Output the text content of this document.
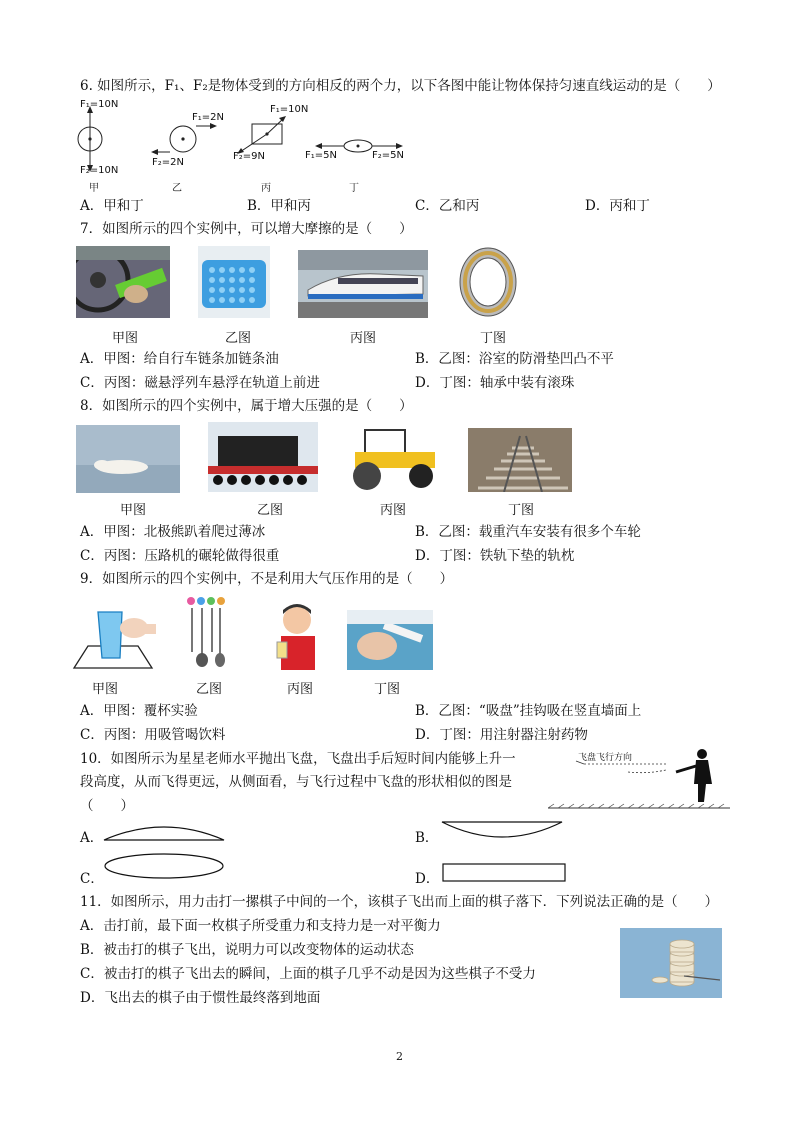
6. 如图所示，F₁、F₂是物体受到的方向相反的两个力，以下各图中能让物体保持匀速直线运动的是（　　）
F₁=10N
F₂=10N
甲
F₁=2N
F₂=2N
乙
F₁=10N
F₂=9N
丙
F₁=5N	F₂=5N
丁
A．甲和丁	B．甲和丙	C．乙和丙	D．丙和丁
7．如图所示的四个实例中，可以增大摩擦的是（　　）
甲图	乙图	丙图	丁图
A．甲图：给自行车链条加链条油	B．乙图：浴室的防滑垫凹凸不平
C．丙图：磁悬浮列车悬浮在轨道上前进	D．丁图：轴承中装有滚珠
8．如图所示的四个实例中，属于增大压强的是（　　）
甲图	乙图	丙图	丁图
A．甲图：北极熊趴着爬过薄冰	B．乙图：载重汽车安装有很多个车轮
C．丙图：压路机的碾轮做得很重	D．丁图：铁轨下垫的轨枕
9．如图所示的四个实例中，不是利用大气压作用的是（　　）
甲图	乙图	丙图	丁图
A．甲图：覆杯实验	B．乙图：“吸盘”挂钩吸在竖直墙面上
C．丙图：用吸管喝饮料	D．丁图：用注射器注射药物
10．如图所示为星星老师水平抛出飞盘，飞盘出手后短时间内能够上升一
段高度，从而飞得更远，从侧面看，与飞行过程中飞盘的形状相似的图是
（　　）
飞盘飞行方向
A．	B．
C．	D．
11．如图所示，用力击打一摞棋子中间的一个，该棋子飞出而上面的棋子落下．下列说法正确的是（　　）
A．击打前，最下面一枚棋子所受重力和支持力是一对平衡力
B．被击打的棋子飞出，说明力可以改变物体的运动状态
C．被击打的棋子飞出去的瞬间，上面的棋子几乎不动是因为这些棋子不受力
D．飞出去的棋子由于惯性最终落到地面
2
